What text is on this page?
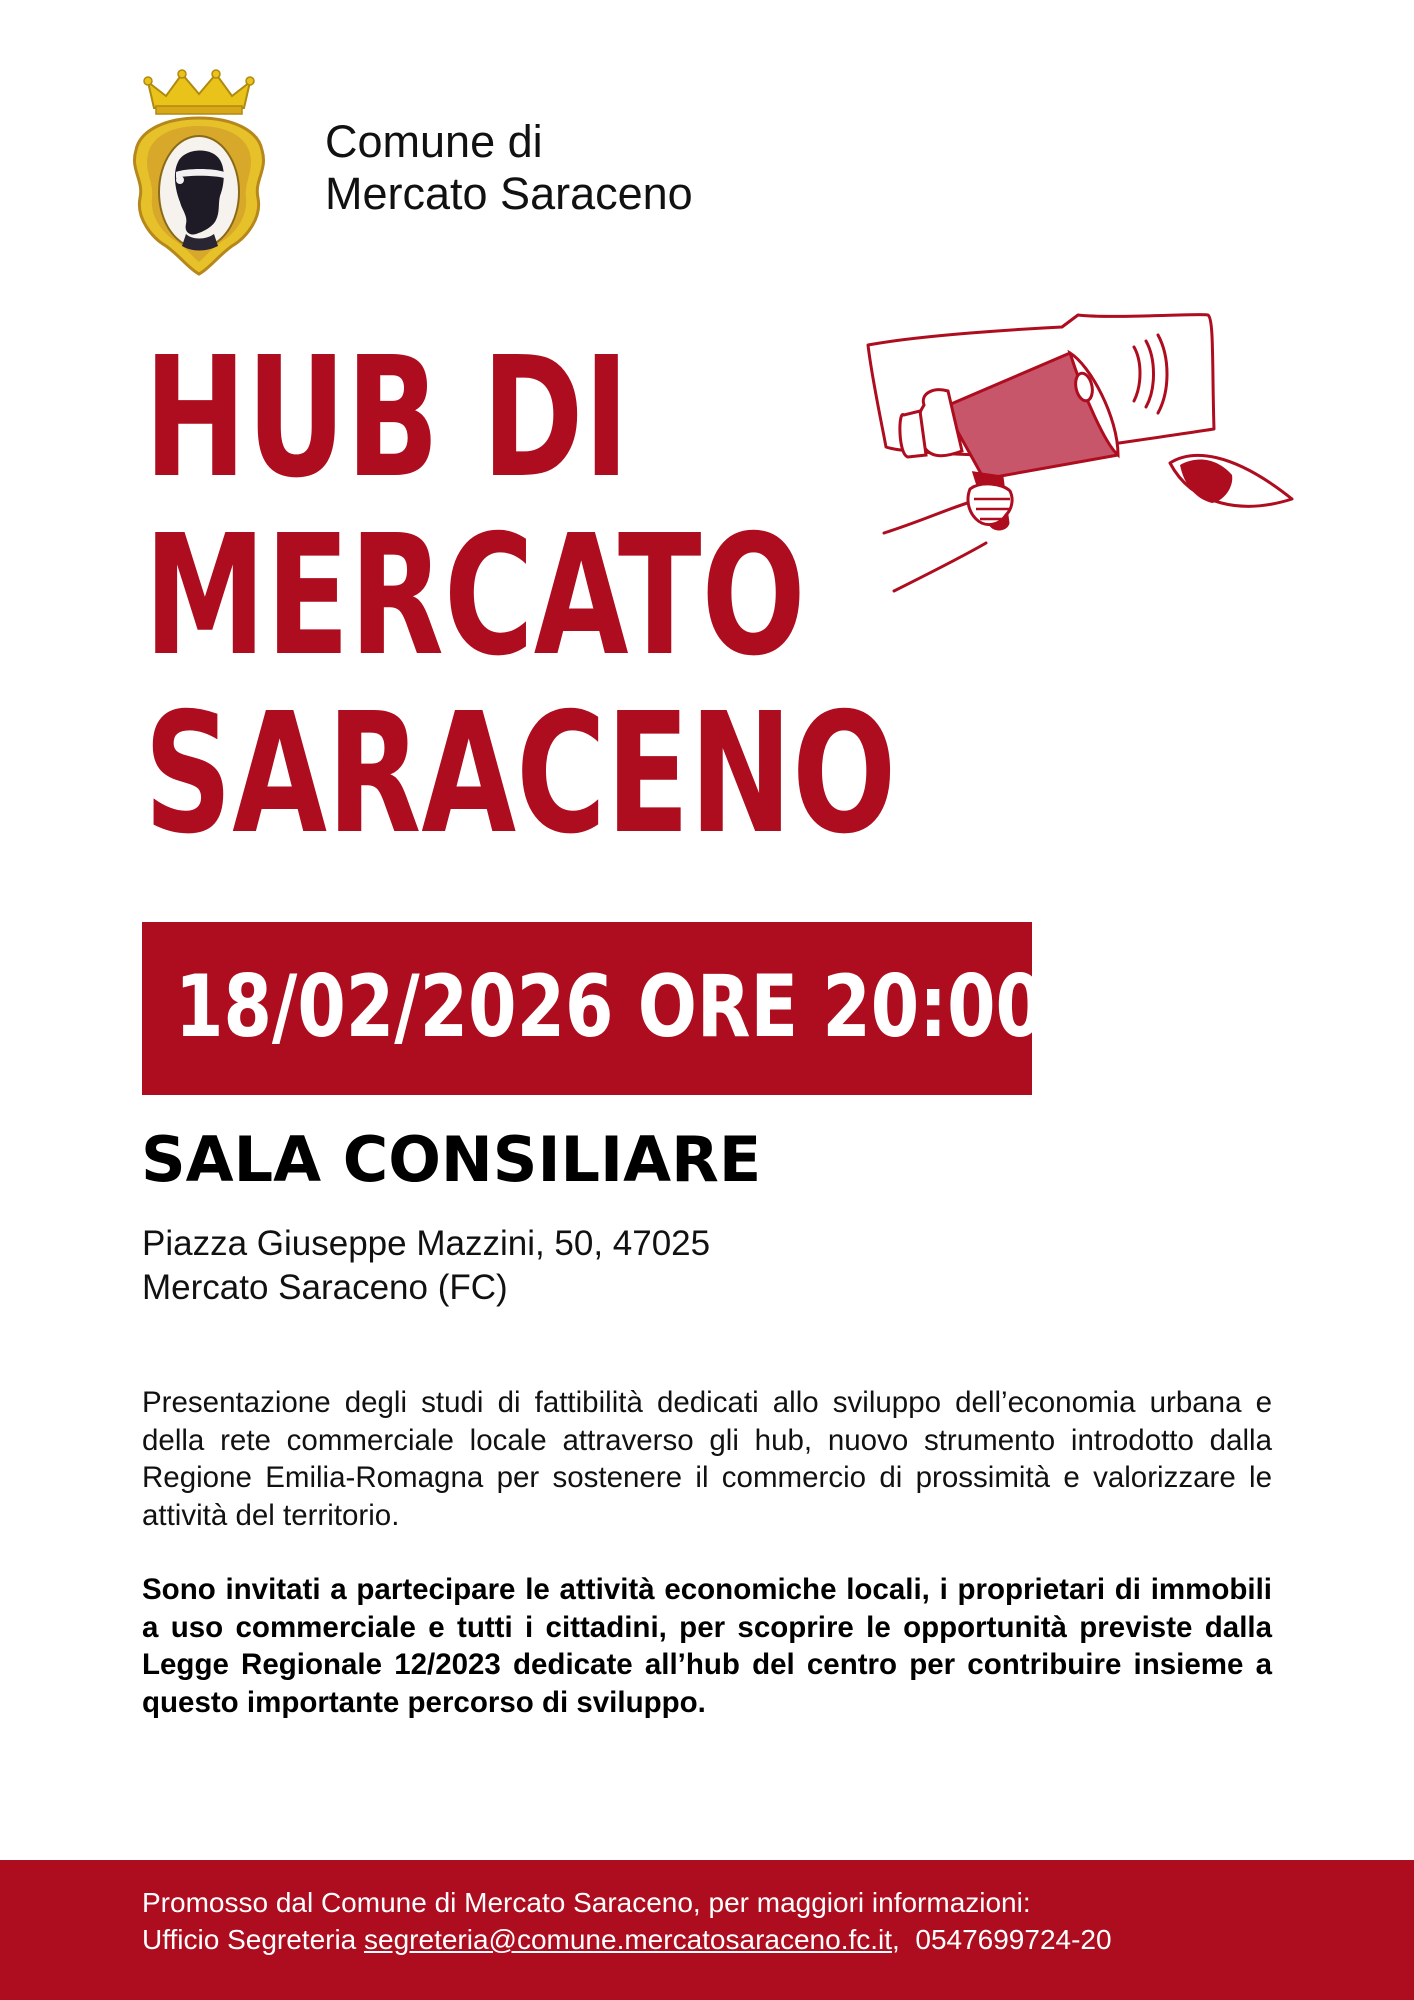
Comune di
Mercato Saraceno
HUB DI
MERCATO
SARACENO
18/02/2026 ORE 20:00
SALA CONSILIARE
Piazza Giuseppe Mazzini, 50, 47025
Mercato Saraceno (FC)

Presentazione degli studi di fattibilità dedicati allo sviluppo dell’economia urbana e della rete commerciale locale attraverso gli hub, nuovo strumento introdotto dalla Regione Emilia-Romagna per sostenere il commercio di prossimità e valorizzare le attività del territorio.

Sono invitati a partecipare le attività economiche locali, i proprietari di immobili a uso commerciale e tutti i cittadini, per scoprire le opportunità previste dalla Legge Regionale 12/2023 dedicate all’hub del centro per contribuire insieme a questo importante percorso di sviluppo.

Promosso dal Comune di Mercato Saraceno, per maggiori informazioni:
Ufficio Segreteria segreteria@comune.mercatosaraceno.fc.it,  0547699724-20
